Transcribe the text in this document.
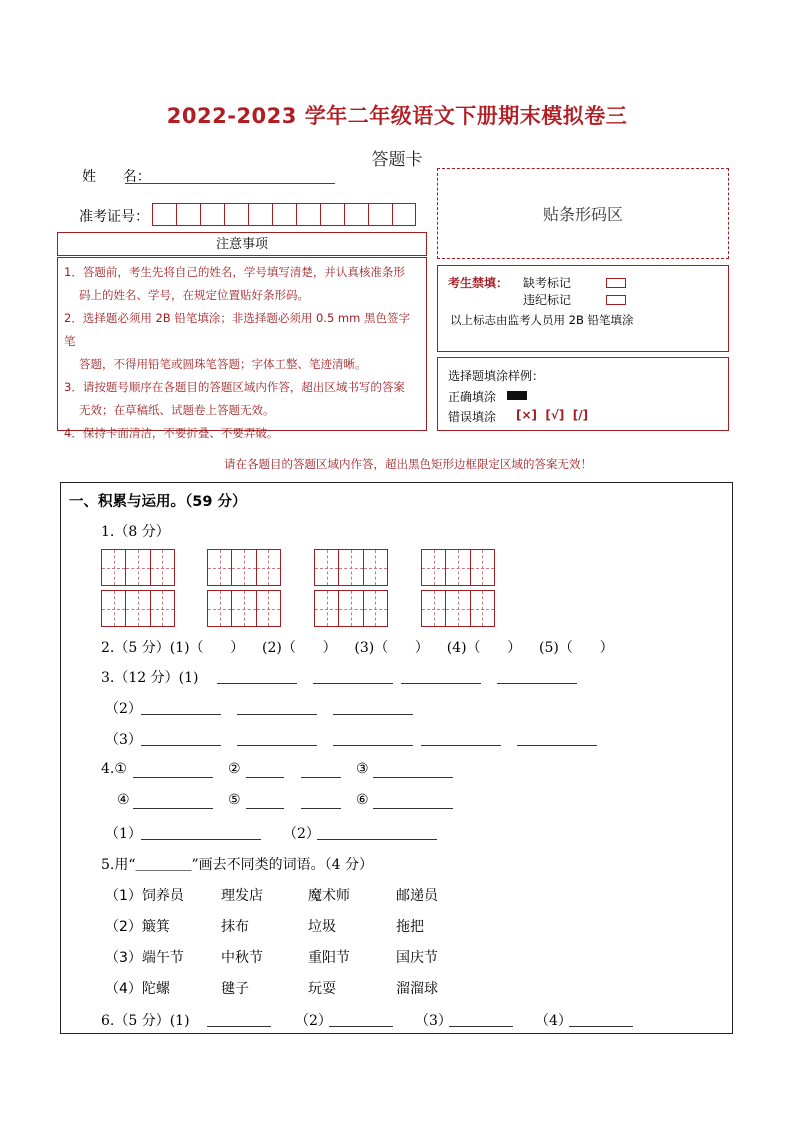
2022-2023 学年二年级语文下册期末模拟卷三
答题卡
姓      名：
准考证号：	贴条形码区
注意事项

1．答题前，考生先将自己的姓名，学号填写清楚，并认真核准条形

码上的姓名、学号，在规定位置贴好条形码。

2．选择题必须用 2B 铅笔填涂；非选择题必须用 0.5 mm 黑色签字笔

答题，不得用铅笔或圆珠笔答题；字体工整、笔迹清晰。

3．请按题号顺序在各题目的答题区域内作答，超出区域书写的答案

无效；在草稿纸、试题卷上答题无效。

4．保持卡面清洁，不要折叠、不要弄破。

考生禁填： 缺考标记
违纪标记
以上标志由监考人员用 2B 铅笔填涂
选择题填涂样例：
正确填涂
错误填涂 [×]  [√]  [/]
请在各题目的答题区域内作答，超出黑色矩形边框限定区域的答案无效！
一、积累与运用。（59 分）
1.（8 分）
2.（5 分）(1)（      ）    (2)（      ）    (3)（      ）    (4)（      ）    (5)（      ）
3.（12 分）(1)
（2）
（3）
4.①	②	③
④	⑤	⑥
（1）	（2）
5.用“＿＿＿＿”画去不同类的词语。（4 分）
（1）饲养员	理发店	魔术师	邮递员
（2）簸箕	抹布	垃圾	拖把
（3）端午节	中秋节	重阳节	国庆节
（4）陀螺	毽子	玩耍	溜溜球
6.（5 分）(1)	（2）	（3）	（4）
